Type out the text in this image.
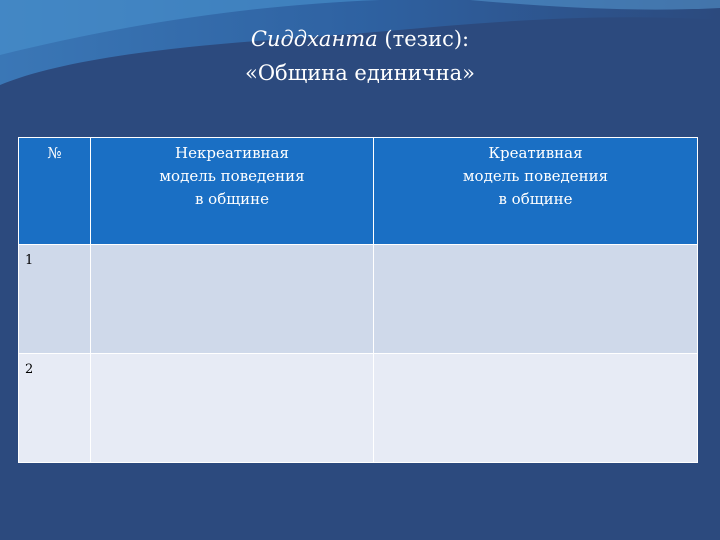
Сиддханта (тезис):
«Община единична»
№	Некреативная модель поведения в общине	Креативная модель поведения в общине
1		
2		
